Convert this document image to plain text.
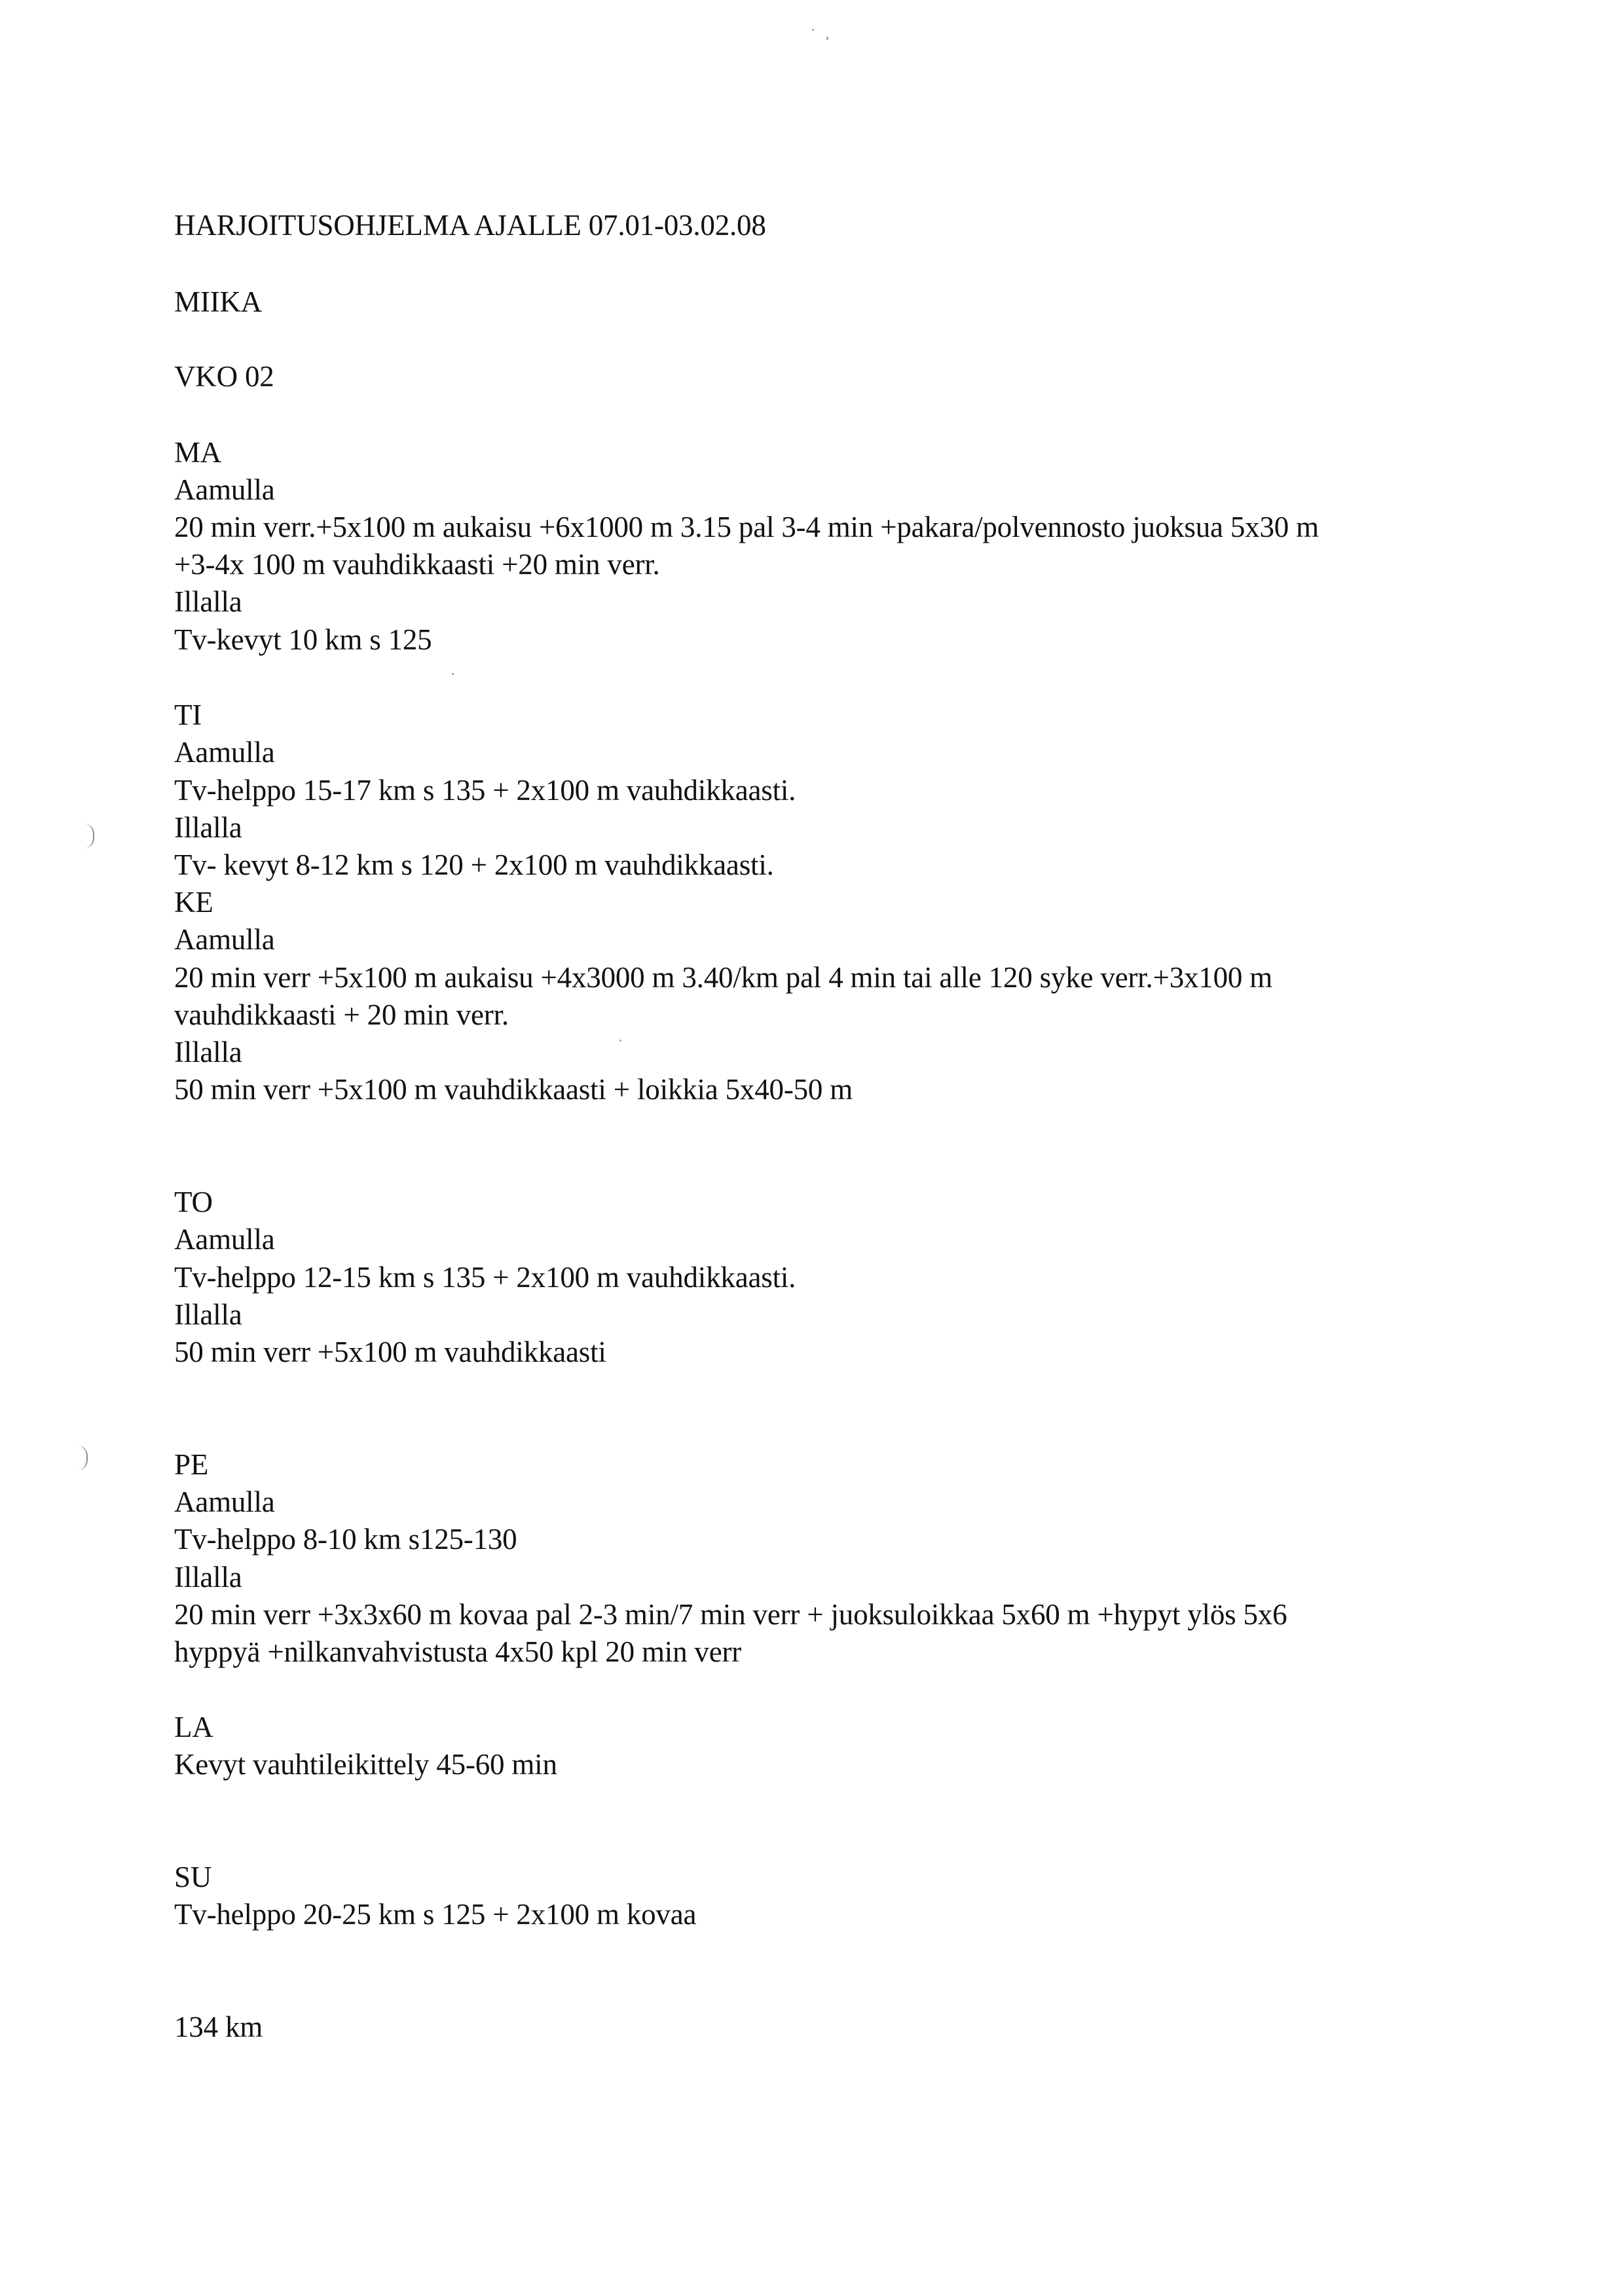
HARJOITUSOHJELMA AJALLE 07.01-03.02.08
MIIKA
VKO 02
MA
Aamulla
20 min verr.+5x100 m aukaisu +6x1000 m 3.15 pal 3-4 min +pakara/polvennosto juoksua 5x30 m
+3-4x 100 m vauhdikkaasti +20 min verr.
Illalla
Tv-kevyt 10 km s 125
TI
Aamulla
Tv-helppo 15-17 km s 135 + 2x100 m vauhdikkaasti.
Illalla
Tv- kevyt 8-12 km s 120 + 2x100 m vauhdikkaasti.
KE
Aamulla
20 min verr +5x100 m aukaisu +4x3000 m 3.40/km pal 4 min tai alle 120 syke verr.+3x100 m
vauhdikkaasti + 20 min verr.
Illalla
50 min verr +5x100 m vauhdikkaasti + loikkia 5x40-50 m
TO
Aamulla
Tv-helppo 12-15 km s 135 + 2x100 m vauhdikkaasti.
Illalla
50 min verr +5x100 m vauhdikkaasti
PE
Aamulla
Tv-helppo 8-10 km s125-130
Illalla
20 min verr +3x3x60 m kovaa pal 2-3 min/7 min verr + juoksuloikkaa 5x60 m +hypyt ylös 5x6
hyppyä +nilkanvahvistusta 4x50 kpl 20 min verr
LA
Kevyt vauhtileikittely 45-60 min
SU
Tv-helppo 20-25 km s 125 + 2x100 m kovaa
134 km
